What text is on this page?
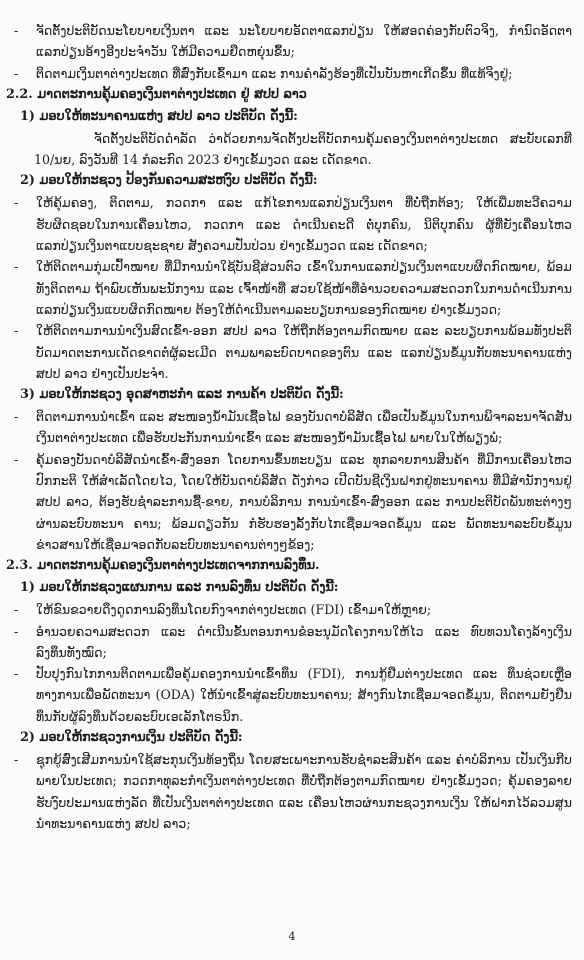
- ຈັດຕັ້ງປະຕິບັດນະໂຍບາຍເງິນຕາ ແລະ ນະໂຍບາຍອັດຕາແລກປ່ຽນ ໃຫ້ສອດຄ່ອງກັບຕົວຈິງ, ກຳນົດອັດຕາແລກປ່ຽນອ້າງອີງປະຈຳວັນ ໃຫ້ມີຄວາມຍືດຫຍຸ່ນຂຶ້ນ;

- ຕິດຕາມເງິນຕາຕ່າງປະເທດ ທີ່ສົ່ງກັບເຂົ້າມາ ແລະ ການຄຳລັງຮ້ອງທີ່ເປັນບັນຫາເກີດຂຶ້ນ ທີ່ແທ້ຈິງຢູ່;

2.2. ມາດຕະການຄຸ້ມຄອງເງິນຕາຕ່າງປະເທດ ຢູ່ ສປປ ລາວ

1) ມອບໃຫ້ທະນາຄານແຫ່ງ ສປປ ລາວ ປະຕິບັດ ດັ່ງນີ້:

ຈັດຕັ້ງປະຕິບັດດຳລັດ ວ່າດ້ວຍການຈັດຕັ້ງປະຕິບັດການຄຸ້ມຄອງເງິນຕາຕ່າງປະເທດ ສະບັບເລກທີ 10/ນຍ, ລົງວັນທີ 14 ກໍລະກົດ 2023 ຢ່າງເຂັ້ມງວດ ແລະ ເດັດຂາດ.

2) ມອບໃຫ້ກະຊວງ ປ້ອງກັນຄວາມສະຫງົບ ປະຕິບັດ ດັ່ງນີ້:

- ໃຫ້ຄຸ້ມຄອງ, ຕິດຕາມ, ກວດກາ ແລະ ແກ້ໄຂການແລກປ່ຽນເງິນຕາ ທີ່ບໍ່ຖືກຕ້ອງ; ໃຫ້ເພີ່ມທະວີຄວາມຮັບຜິດຊອບໃນການເຄື່ອນໄຫວ, ກວດກາ ແລະ ດຳເນີນຄະດີ ຕໍ່ບຸກຄົນ, ນິຕິບຸກຄົນ ຜູ້ທີ່ຍັງເຄື່ອນໄຫວແລກປ່ຽນເງິນຕາແບບຊະຊາຍ ສັງຄວາມປັ່ນປ່ວນ ຢ່າງເຂັ້ມງວດ ແລະ ເດັດຂາດ;

- ໃຫ້ຕິດຕາມກຸ່ມເປົ້າໝາຍ ທີ່ມີການນຳໃຊ້ບັນຊີສ່ວນຕົວ ເຂົ້າໃນການແລກປ່ຽນເງິນຕາແບບຜິດກົດໝາຍ, ພ້ອມທັງຕິດຕາມ ຖ້າພົບເຫັນພະນັກງານ ແລະ ເຈົ້າໜ້າທີ່ ສວຍໃຊ້ໜ້າທີ່ອຳນວຍຄວາມສະດວກໃນການດຳເນີນການແລກປ່ຽນເງິນແບບຜິດກົດໝາຍ ຕ້ອງໃຫ້ດຳເນີນຕາມລະບຽບການຂອງກົດໝາຍ ຢ່າງເຂັ້ມງວດ;

- ໃຫ້ຕິດຕາມການນຳເງິນສົດເຂົ້າ-ອອກ ສປປ ລາວ ໃຫ້ຖືກຕ້ອງຕາມກົດໝາຍ ແລະ ລະບຽບການພ້ອມທັງປະຕິບັດມາດຕະການເດັດຂາດຕໍ່ຜູ້ລະເມີດ ຕາມພາລະບົດບາດຂອງຕົນ ແລະ ແລກປ່ຽນຂໍ້ມູນກັບທະນາຄານແຫ່ງ ສປປ ລາວ ຢ່າງເປັນປະຈຳ.

3) ມອບໃຫ້ກະຊວງ ອຸດສາຫະກຳ ແລະ ການຄ້າ ປະຕິບັດ ດັ່ງນີ້:

- ຕິດຕາມການນຳເຂົ້າ ແລະ ສະໜອງນ້ຳມັນເຊື້ອໄຟ ຂອງບັນດາບໍລິສັດ ເພື່ອເປັນຂໍ້ມູນໃນການພິຈາລະນາຈັດສັນເງິນຕາຕ່າງປະເທດ ເພື່ອຮັບປະກັນການນຳເຂົ້າ ແລະ ສະໜອງນ້ຳມັນເຊື້ອໄຟ ພາຍໃນໃຫ້ພຽງພໍ;

- ຄຸ້ມຄອງບັນດາບໍລິສັດນຳເຂົ້າ-ສົ່ງອອກ ໂດຍການຂຶ້ນທະບຽນ ແລະ ທຸກລາຍການສິນຄ້າ ທີ່ມີການເຄື່ອນໄຫວປົກກະຕິ ໃຫ້ສຳເລັດໂດຍໄວ, ໂດຍໃຫ້ບັນດາບໍລິສັດ ດັ່ງກ່າວ ເປີດບັນຊີເງິນຝາກຢູ່ທະນາຄານ ທີ່ມີສຳນັກງານຢູ່ ສປປ ລາວ, ຕ້ອງຮັບຊຳລະການຊື້-ຂາຍ, ການບໍລິການ ການນຳເຂົ້າ-ສົ່ງອອກ ແລະ ການປະຕິບັດພັນທະຕ່າງໆ ຜ່ານລະບົບທະນາ ຄານ; ພ້ອມດຽວກັນ ກໍຮັບຮອງລັ້ງກັບໄກເຊື່ອມຈອດຂໍ້ມູນ ແລະ ພັດທະນາລະບົບຂໍ້ມູນຂ່າວສານໃຫ້ເຊື່ອມຈອດກັບລະບົບທະນາຄານຕ່າງໆຂ້ອງ;

2.3. ມາດຕະການຄຸ້ມຄອງເງິນຕາຕ່າງປະເທດຈາກການລົງທຶນ.

1) ມອບໃຫ້ກະຊວງແຜນການ ແລະ ການລົງທຶນ ປະຕິບັດ ດັ່ງນີ້:

- ໃຫ້ຂົນຂວາຍດຶງດູດການລົງທຶນໂດຍກົງຈາກຕ່າງປະເທດ (FDI) ເຂົ້າມາໃຫ້ຫຼາຍ;

- ອຳນວຍຄວາມສະດວກ ແລະ ດຳເນີນຂັ້ນຕອນການຂໍອະນຸມັດໂຄງການໃຫ້ໄວ ແລະ ທົບທວນໂຄງລ້າງເງິນລົງທຶນທັງໝົດ;

- ປັບປຸງກົນໄກການຕິດຕາມເພື່ອຄຸ້ມຄອງການນຳເຂົ້າທຶນ (FDI), ການກູ້ຢືມຕ່າງປະເທດ ແລະ ທຶນຊ່ວຍເຫຼືອທາງການເພື່ອພັດທະນາ (ODA) ໃຫ້ນຳເຂົ້າສູ່ລະບົບທະນາຄານ; ສ້າງກົນໄກເຊື່ອມຈອດຂໍ້ມູນ, ຕິດຕາມຍັງຢືນທຶນກັບຜູ້ລົງທຶນດ້ວຍລະບົບເອເລັກໂຕຣນິກ.

2) ມອບໃຫ້ກະຊວງການເງິນ ປະຕິບັດ ດັ່ງນີ້:

- ຊຸກຍູ້ສົ່ງເສີມການນຳໃຊ້ສະກຸນເງິນທ້ອງຖິ່ນ ໂດຍສະເພາະການຮັບຊຳລະສິນຄ້າ ແລະ ຄ່າບໍລິການ ເປັນເງິນກີບ ພາຍໃນປະເທດ; ກວດກາທຸລະກຳເງິນຕາຕ່າງປະເທດ ທີ່ບໍ່ຖືກຕ້ອງຕາມກົດໝາຍ ຢ່າງເຂັ້ມງວດ; ຄຸ້ມຄອງລາຍຮັບງົບປະມານແຫ່ງລັດ ທີ່ເປັນເງິນຕາຕ່າງປະເທດ ແລະ ເຄື່ອນໄຫວຜ່ານກະຊວງການເງິນ ໃຫ້ຝາກໄວ້ລວມສູນນຳທະນາຄານແຫ່ງ ສປປ ລາວ;

4
